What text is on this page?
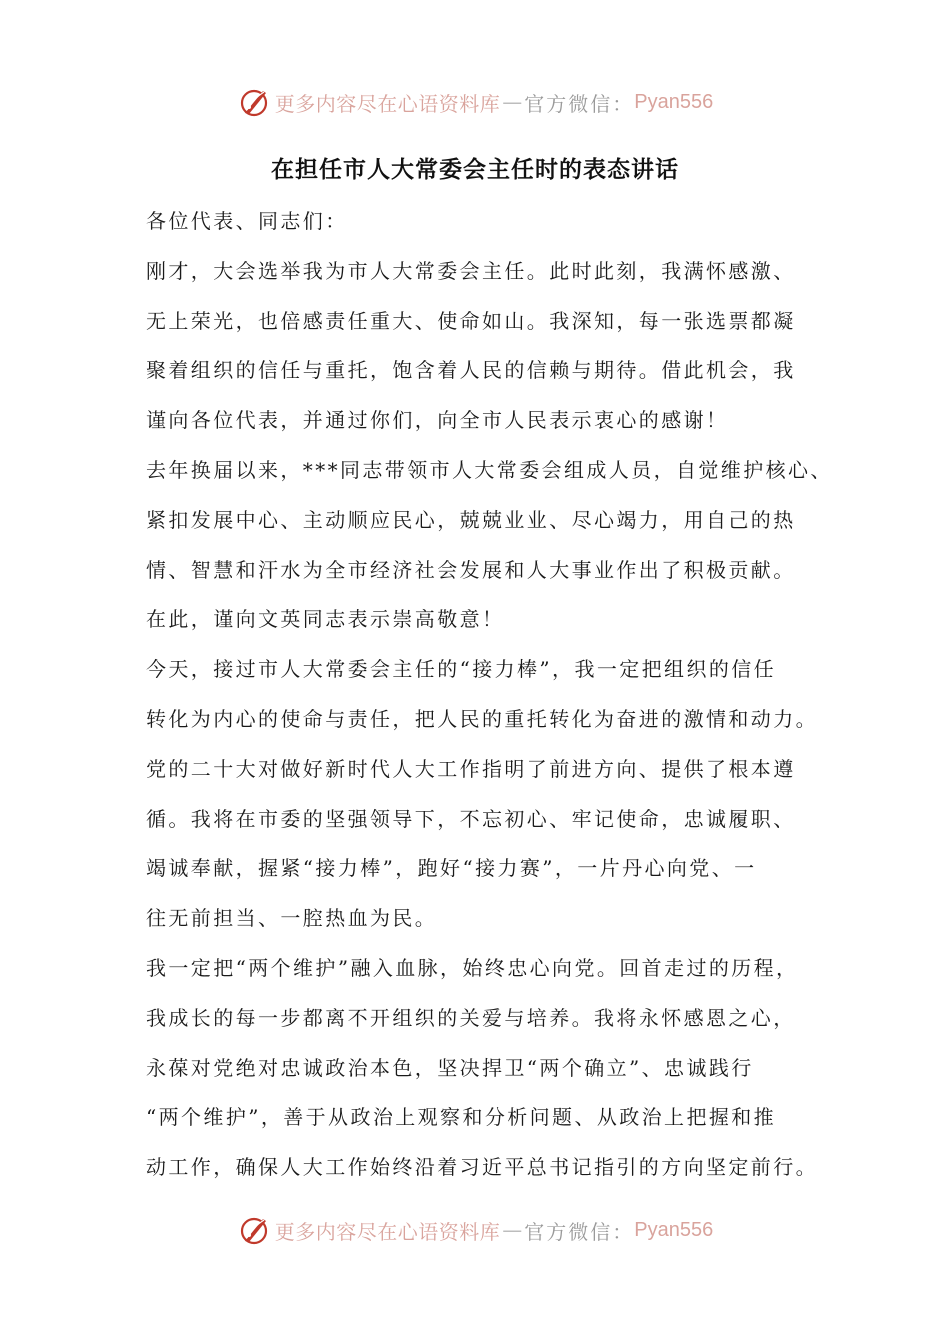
更多内容尽在心语资料库 — 官方微信： Pyan556
在担任市人大常委会主任时的表态讲话
各位代表、同志们：
刚才，大会选举我为市人大常委会主任。此时此刻，我满怀感激、
无上荣光，也倍感责任重大、使命如山。我深知，每一张选票都凝
聚着组织的信任与重托，饱含着人民的信赖与期待。借此机会，我
谨向各位代表，并通过你们，向全市人民表示衷心的感谢！
去年换届以来，***同志带领市人大常委会组成人员，自觉维护核心、
紧扣发展中心、主动顺应民心，兢兢业业、尽心竭力，用自己的热
情、智慧和汗水为全市经济社会发展和人大事业作出了积极贡献。
在此，谨向文英同志表示崇高敬意！
今天，接过市人大常委会主任的“接力棒”，我一定把组织的信任
转化为内心的使命与责任，把人民的重托转化为奋进的激情和动力。
党的二十大对做好新时代人大工作指明了前进方向、提供了根本遵
循。我将在市委的坚强领导下，不忘初心、牢记使命，忠诚履职、
竭诚奉献，握紧“接力棒”，跑好“接力赛”，一片丹心向党、一
往无前担当、一腔热血为民。
我一定把“两个维护”融入血脉，始终忠心向党。回首走过的历程，
我成长的每一步都离不开组织的关爱与培养。我将永怀感恩之心，
永葆对党绝对忠诚政治本色，坚决捍卫“两个确立”、忠诚践行
“两个维护”，善于从政治上观察和分析问题、从政治上把握和推
动工作，确保人大工作始终沿着习近平总书记指引的方向坚定前行。
更多内容尽在心语资料库 — 官方微信： Pyan556
